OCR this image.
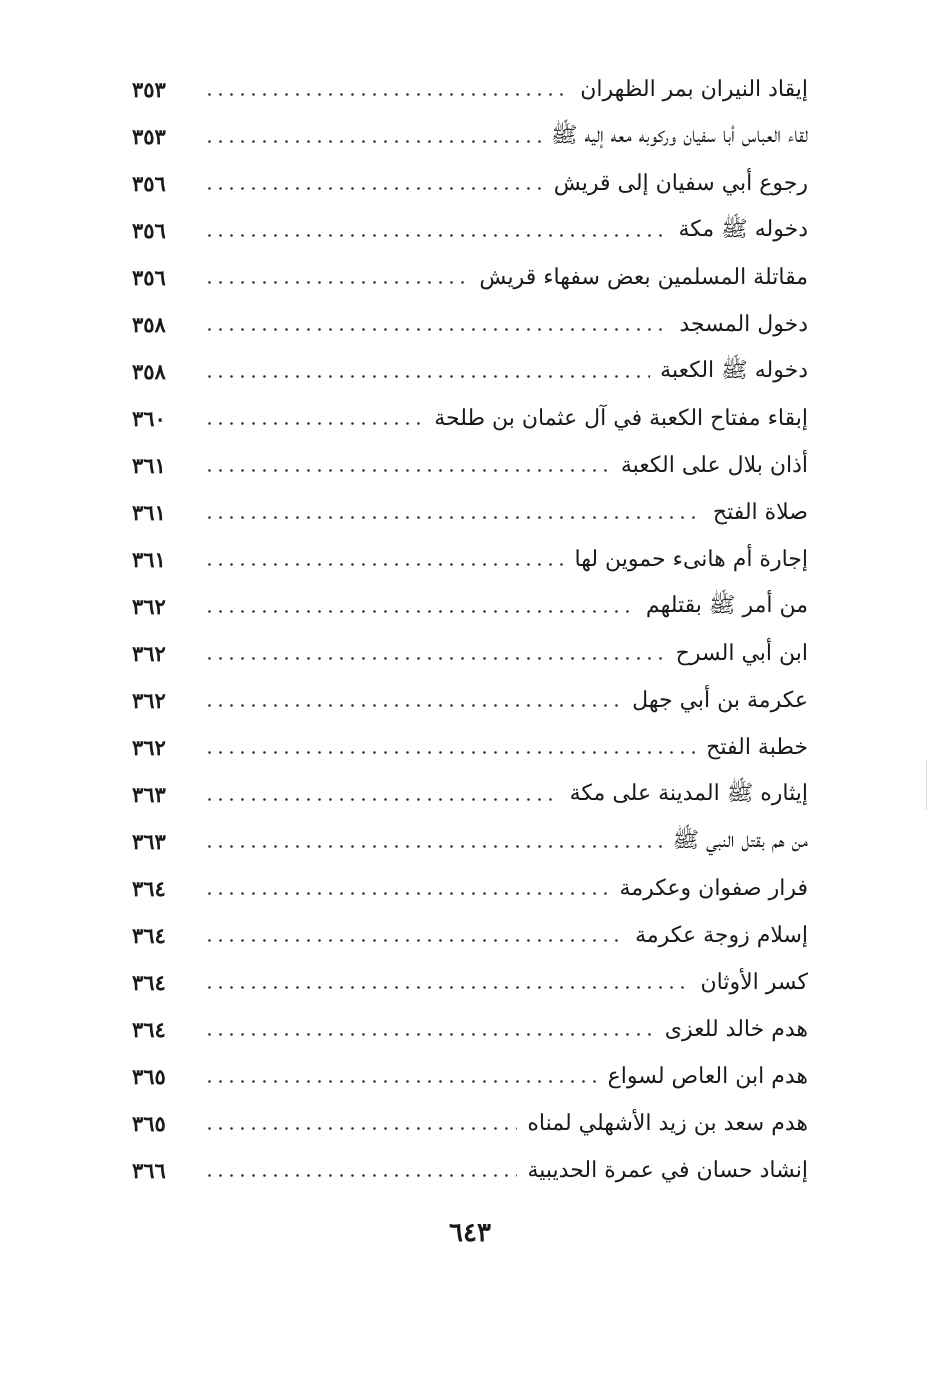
إيقاد النيران بمر الظهران
٣٥٣
لقاء العباس أبا سفيان وركوبه معه إليه ﷺ
٣٥٣
رجوع أبي سفيان إلى قريش
٣٥٦
دخوله ﷺ مكة
٣٥٦
مقاتلة المسلمين بعض سفهاء قريش
٣٥٦
دخول المسجد
٣٥٨
دخوله ﷺ الكعبة
٣٥٨
إبقاء مفتاح الكعبة في آل عثمان بن طلحة
٣٦٠
أذان بلال على الكعبة
٣٦١
صلاة الفتح
٣٦١
إجارة أم هانىء حموين لها
٣٦١
من أمر ﷺ بقتلهم
٣٦٢
ابن أبي السرح
٣٦٢
عكرمة بن أبي جهل
٣٦٢
خطبة الفتح
٣٦٢
إيثاره ﷺ المدينة على مكة
٣٦٣
من هم بقتل النبي ﷺ
٣٦٣
فرار صفوان وعكرمة
٣٦٤
إسلام زوجة عكرمة
٣٦٤
كسر الأوثان
٣٦٤
هدم خالد للعزى
٣٦٤
هدم ابن العاص لسواع
٣٦٥
هدم سعد بن زيد الأشهلي لمناه
٣٦٥
إنشاد حسان في عمرة الحديبية
٣٦٦
٦٤٣
